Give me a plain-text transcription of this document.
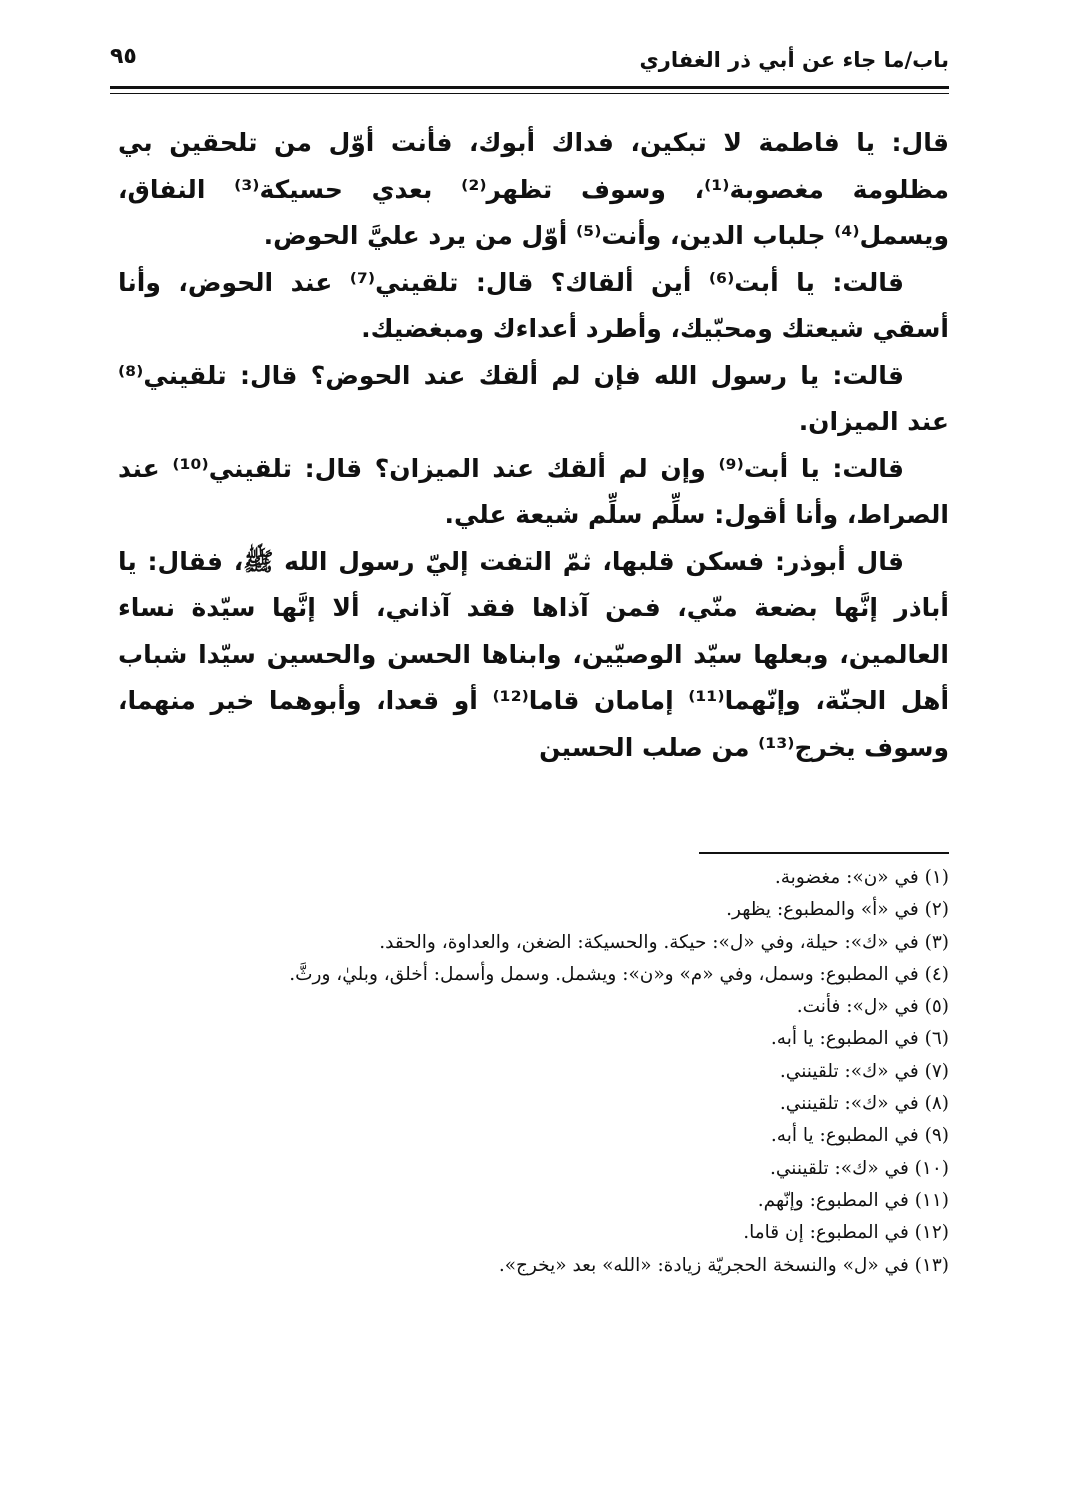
باب/ما جاء عن أبي ذر الغفاري
٩٥

قال: يا فاطمة لا تبكين، فداك أبوك، فأنت أوّل من تلحقين بي مظلومة مغصوبة⁽¹⁾، وسوف تظهر⁽²⁾ بعدي حسيكة⁽³⁾ النفاق، ويسمل⁽⁴⁾ جلباب الدين، وأنت⁽⁵⁾ أوّل من يرد عليَّ الحوض.

قالت: يا أبت⁽⁶⁾ أين ألقاك؟ قال: تلقيني⁽⁷⁾ عند الحوض، وأنا أسقي شيعتك ومحبّيك، وأطرد أعداءك ومبغضيك.

قالت: يا رسول الله فإن لم ألقك عند الحوض؟ قال: تلقيني⁽⁸⁾ عند الميزان.

قالت: يا أبت⁽⁹⁾ وإن لم ألقك عند الميزان؟ قال: تلقيني⁽¹⁰⁾ عند الصراط، وأنا أقول: سلِّم سلِّم شيعة علي.

قال أبوذر: فسكن قلبها، ثمّ التفت إليّ رسول الله ﷺ، فقال: يا أباذر إنَّها بضعة منّي، فمن آذاها فقد آذاني، ألا إنَّها سيّدة نساء العالمين، وبعلها سيّد الوصيّين، وابناها الحسن والحسين سيّدا شباب أهل الجنّة، وإنّهما⁽¹¹⁾ إمامان قاما⁽¹²⁾ أو قعدا، وأبوهما خير منهما، وسوف يخرج⁽¹³⁾ من صلب الحسين

(١) في «ن»: مغضوبة.
(٢) في «أ» والمطبوع: يظهر.
(٣) في «ك»: حيلة، وفي «ل»: حيكة. والحسيكة: الضغن، والعداوة، والحقد.
(٤) في المطبوع: وسمل، وفي «م» و«ن»: ويشمل. وسمل وأسمل: أخلق، وبليٰ، ورثَّ.
(٥) في «ل»: فأنت.
(٦) في المطبوع: يا أبه.
(٧) في «ك»: تلقينني.
(٨) في «ك»: تلقينني.
(٩) في المطبوع: يا أبه.
(١٠) في «ك»: تلقينني.
(١١) في المطبوع: وإنّهم.
(١٢) في المطبوع: إن قاما.
(١٣) في «ل» والنسخة الحجريّة زيادة: «الله» بعد «يخرج».
